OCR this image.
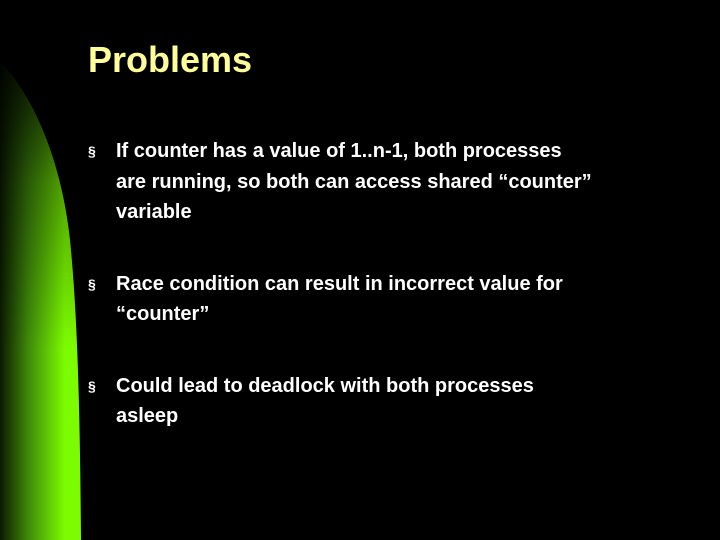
Problems
§ If counter has a value of 1..n-1, both processes
are running, so both can access shared “counter”
variable
§ Race condition can result in incorrect value for
“counter”
§ Could lead to deadlock with both processes
asleep
